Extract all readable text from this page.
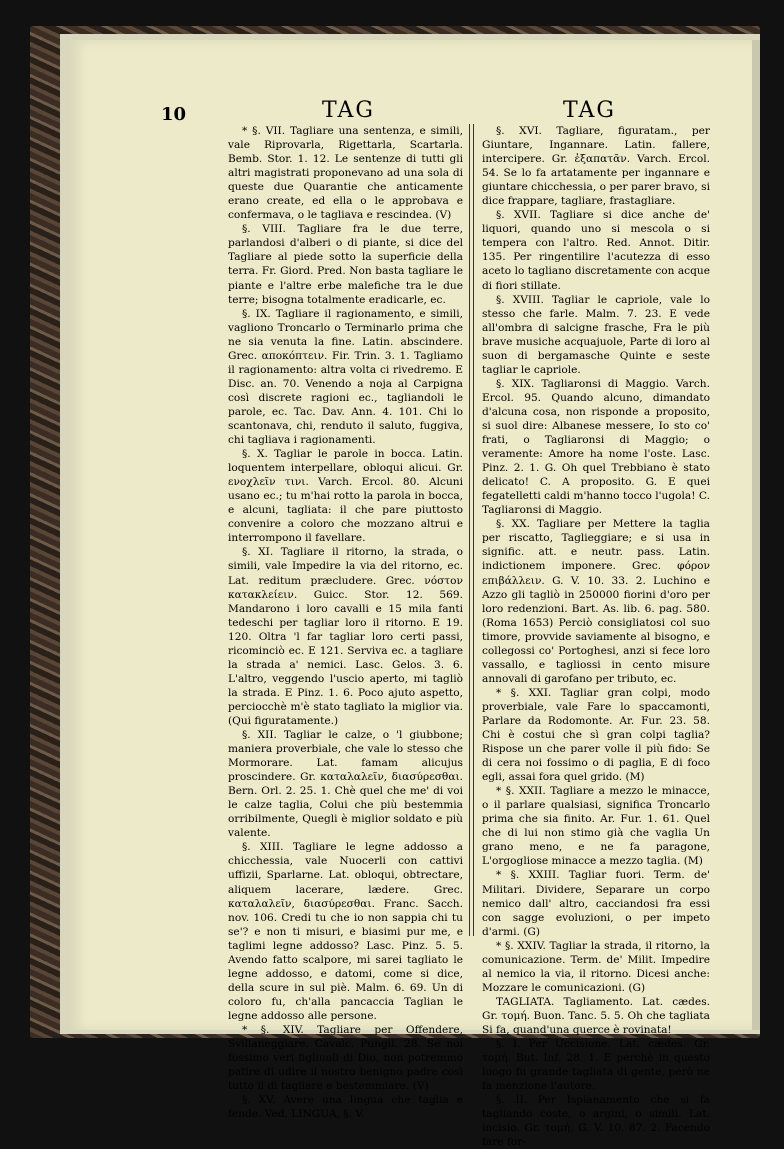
10	TAG	TAG

* §. VII. Tagliare una sentenza, e simili, vale Riprovarla, Rigettarla, Scartarla. Bemb. Stor. 1. 12. Le sentenze di tutti gli altri magistrati proponevano ad una sola di queste due Quarantie che anticamente erano create, ed ella o le approbava e confermava, o le tagliava e rescindea. (V)

§. VIII. Tagliare fra le due terre, parlandosi d'alberi o di piante, si dice del Tagliare al piede sotto la superficie della terra. Fr. Giord. Pred. Non basta tagliare le piante e l'altre erbe malefiche tra le due terre; bisogna totalmente eradicarle, ec.

§. IX. Tagliare il ragionamento, e simili, vagliono Troncarlo o Terminarlo prima che ne sia venuta la fine. Latin. abscindere. Grec. αποκόπτειν. Fir. Trin. 3. 1. Tagliamo il ragionamento: altra volta ci rivedremo. E Disc. an. 70. Venendo a noja al Carpigna così discrete ragioni ec., tagliandoli le parole, ec. Tac. Dav. Ann. 4. 101. Chi lo scantonava, chi, renduto il saluto, fuggiva, chi tagliava i ragionamenti.

§. X. Tagliar le parole in bocca. Latin. loquentem interpellare, obloqui alicui. Gr. ενοχλεῖν τινι. Varch. Ercol. 80. Alcuni usano ec.; tu m'hai rotto la parola in bocca, e alcuni, tagliata: il che pare piuttosto convenire a coloro che mozzano altrui e interrompono il favellare.

§. XI. Tagliare il ritorno, la strada, o simili, vale Impedire la via del ritorno, ec. Lat. reditum præcludere. Grec. νόστον κατακλείειν. Guicc. Stor. 12. 569. Mandarono i loro cavalli e 15 mila fanti tedeschi per tagliar loro il ritorno. E 19. 120. Oltra 'l far tagliar loro certi passi, ricominciò ec. E 121. Serviva ec. a tagliare la strada a' nemici. Lasc. Gelos. 3. 6. L'altro, veggendo l'uscio aperto, mi tagliò la strada. E Pinz. 1. 6. Poco ajuto aspetto, perciocchè m'è stato tagliato la miglior via. (Qui figuratamente.)

§. XII. Tagliar le calze, o 'l giubbone; maniera proverbiale, che vale lo stesso che Mormorare. Lat. famam alicujus proscindere. Gr. καταλαλεῖν, διασύρεσθαι. Bern. Orl. 2. 25. 1. Chè quel che me' di voi le calze taglia, Colui che più bestemmia orribilmente, Quegli è miglior soldato e più valente.

§. XIII. Tagliare le legne addosso a chicchessia, vale Nuocerli con cattivi uffizii, Sparlarne. Lat. obloqui, obtrectare, aliquem lacerare, lædere. Grec. καταλαλεῖν, διασύρεσθαι. Franc. Sacch. nov. 106. Credi tu che io non sappia chi tu se'? e non ti misuri, e biasimi pur me, e taglimi legne addosso? Lasc. Pinz. 5. 5. Avendo fatto scalpore, mi sarei tagliato le legne addosso, e datomi, come si dice, della scure in sul piè. Malm. 6. 69. Un di coloro fu, ch'alla pancaccia Taglian le legne addosso alle persone.

* §. XIV. Tagliare per Offendere, Svillaneggiare. Cavalc. Pungil. 28. Se noi fossimo veri figliuoli di Dio, non potremmo patire di udire il nostro benigno padre così tutto il dì tagliare e bestemmiare. (V)

§. XV. Avere una lingua che taglia e fende. Ved. LINGUA, §. V.

§. XVI. Tagliare, figuratam., per Giuntare, Ingannare. Latin. fallere, intercipere. Gr. ἐξαπατᾶν. Varch. Ercol. 54. Se lo fa artatamente per ingannare e giuntare chicchessia, o per parer bravo, si dice frappare, tagliare, frastagliare.

§. XVII. Tagliare si dice anche de' liquori, quando uno si mescola o si tempera con l'altro. Red. Annot. Ditir. 135. Per ringentilire l'acutezza di esso aceto lo tagliano discretamente con acque di fiori stillate.

§. XVIII. Tagliar le capriole, vale lo stesso che farle. Malm. 7. 23. E vede all'ombra di salcigne frasche, Fra le più brave musiche acquajuole, Parte di loro al suon di bergamasche Quinte e seste tagliar le capriole.

§. XIX. Tagliaronsi di Maggio. Varch. Ercol. 95. Quando alcuno, dimandato d'alcuna cosa, non risponde a proposito, si suol dire: Albanese messere, Io sto co' frati, o Tagliaronsi di Maggio; o veramente: Amore ha nome l'oste. Lasc. Pinz. 2. 1. G. Oh quel Trebbiano è stato delicato! C. A proposito. G. E quei fegatelletti caldi m'hanno tocco l'ugola! C. Tagliaronsi di Maggio.

§. XX. Tagliare per Mettere la taglia per riscatto, Taglieggiare; e si usa in signific. att. e neutr. pass. Latin. indictionem imponere. Grec. φόρον επιβάλλειν. G. V. 10. 33. 2. Luchino e Azzo gli tagliò in 250000 fiorini d'oro per loro redenzioni. Bart. As. lib. 6. pag. 580. (Roma 1653) Perciò consigliatosi col suo timore, provvide saviamente al bisogno, e collegossi co' Portoghesi, anzi si fece loro vassallo, e tagliossi in cento misure annovali di garofano per tributo, ec.

* §. XXI. Tagliar gran colpi, modo proverbiale, vale Fare lo spaccamonti, Parlare da Rodomonte. Ar. Fur. 23. 58. Chi è costui che sì gran colpi taglia? Rispose un che parer volle il più fido: Se di cera noi fossimo o di paglia, E di foco egli, assai fora quel grido. (M)

* §. XXII. Tagliare a mezzo le minacce, o il parlare qualsiasi, significa Troncarlo prima che sia finito. Ar. Fur. 1. 61. Quel che di lui non stimo già che vaglia Un grano meno, e ne fa paragone, L'orgogliose minacce a mezzo taglia. (M)

* §. XXIII. Tagliar fuori. Term. de' Militari. Dividere, Separare un corpo nemico dall' altro, cacciandosi fra essi con sagge evoluzioni, o per impeto d'armi. (G)

* §. XXIV. Tagliar la strada, il ritorno, la comunicazione. Term. de' Milit. Impedire al nemico la via, il ritorno. Dicesi anche: Mozzare le comunicazioni. (G)

TAGLIATA. Tagliamento. Lat. cædes. Gr. τομή. Buon. Tanc. 5. 5. Oh che tagliata Si fa, quand'una querce è rovinata!

§. I. Per Uccisione. Lat. cædes. Gr. τομή. But. Inf. 28. 1. E perchè in questo luogo fu grande tagliata di gente, però ne fa menzione l'autore.

§. II. Per Ispianamento che si fa tagliando coste, o argini, o simili. Lat. incisio. Gr. τομή. G. V. 10. 87. 2. Facendo fare for-
